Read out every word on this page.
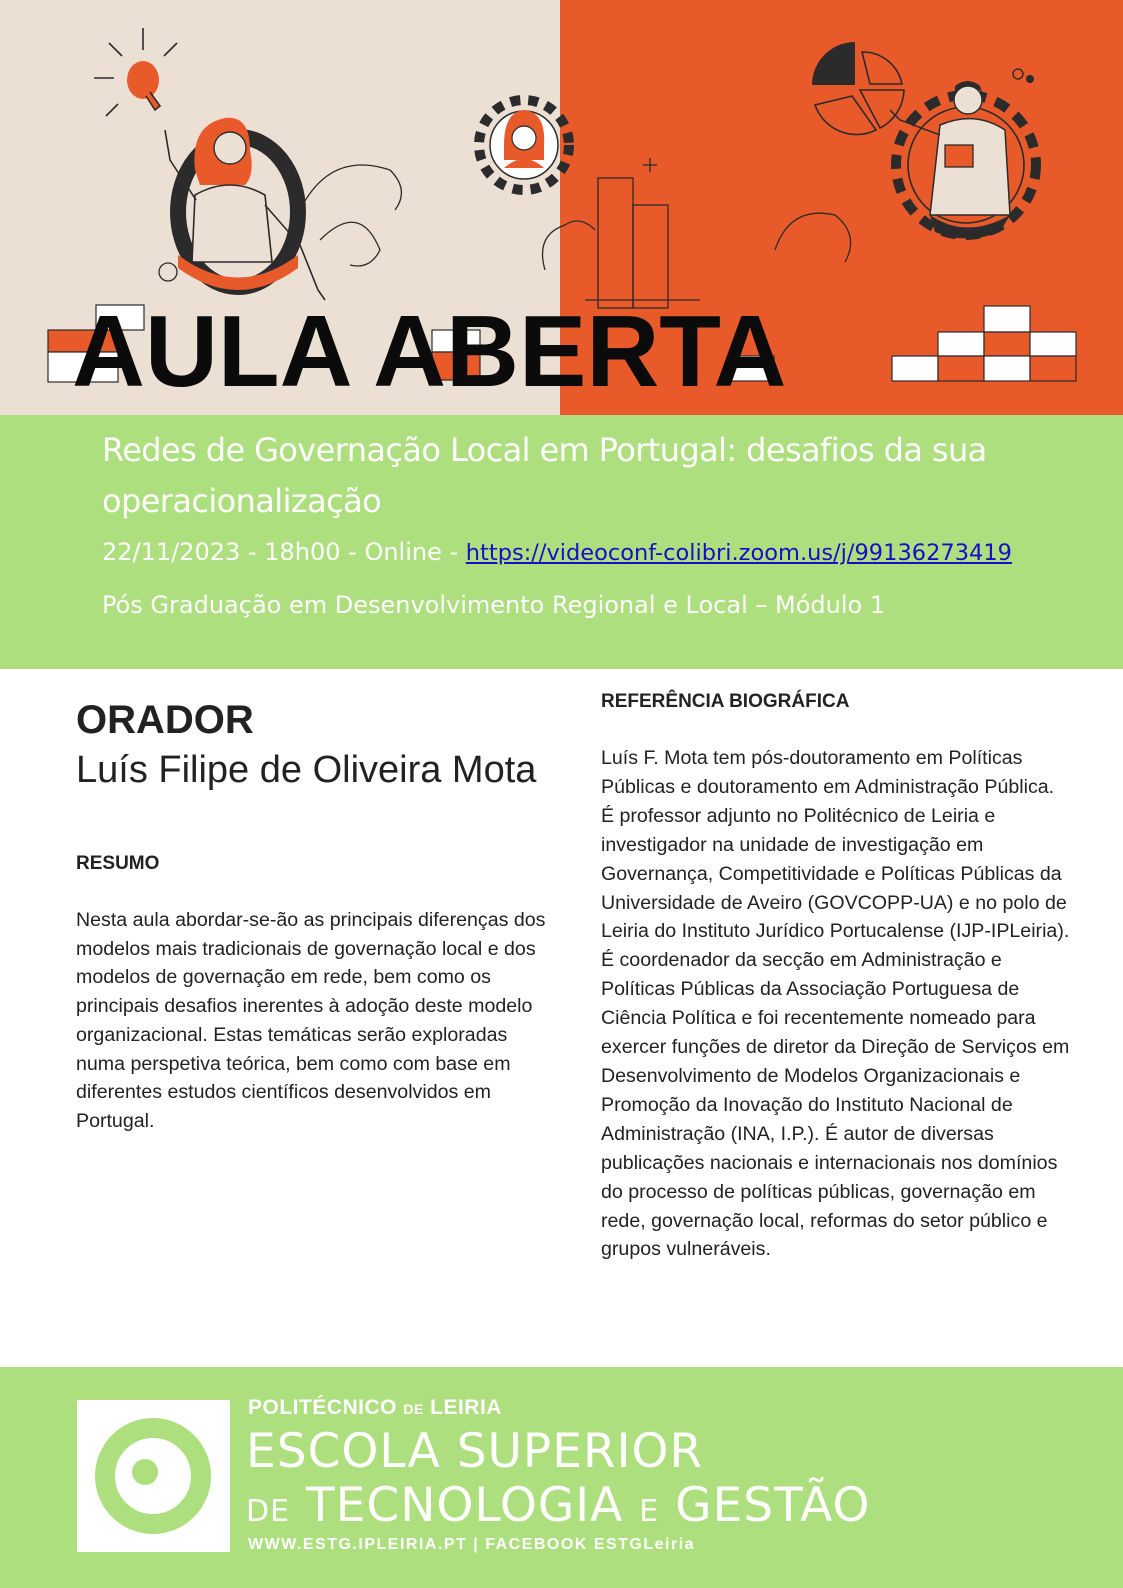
AULA ABERTA
Redes de Governação Local em Portugal: desafios da sua operacionalização
22/11/2023 - 18h00 - Online - https://videoconf-colibri.zoom.us/j/99136273419
Pós Graduação em Desenvolvimento Regional e Local – Módulo 1
ORADOR
Luís Filipe de Oliveira Mota
RESUMO

Nesta aula abordar-se-ão as principais diferenças dos modelos mais tradicionais de governação local e dos modelos de governação em rede, bem como os principais desafios inerentes à adoção deste modelo organizacional. Estas temáticas serão exploradas numa perspetiva teórica, bem como com base em diferentes estudos científicos desenvolvidos em Portugal.

REFERÊNCIA BIOGRÁFICA

Luís F. Mota tem pós-doutoramento em Políticas Públicas e doutoramento em Administração Pública. É professor adjunto no Politécnico de Leiria e investigador na unidade de investigação em Governança, Competitividade e Políticas Públicas da Universidade de Aveiro (GOVCOPP-UA) e no polo de Leiria do Instituto Jurídico Portucalense (IJP-IPLeiria). É coordenador da secção em Administração e Políticas Públicas da Associação Portuguesa de Ciência Política e foi recentemente nomeado para exercer funções de diretor da Direção de Serviços em Desenvolvimento de Modelos Organizacionais e Promoção da Inovação do Instituto Nacional de Administração (INA, I.P.). É autor de diversas publicações nacionais e internacionais nos domínios do processo de políticas públicas, governação em rede, governação local, reformas do setor público e grupos vulneráveis.

POLITÉCNICO DE LEIRIA
ESCOLA SUPERIOR
DE TECNOLOGIA E GESTÃO
WWW.ESTG.IPLEIRIA.PT | FACEBOOK ESTGLeiria
